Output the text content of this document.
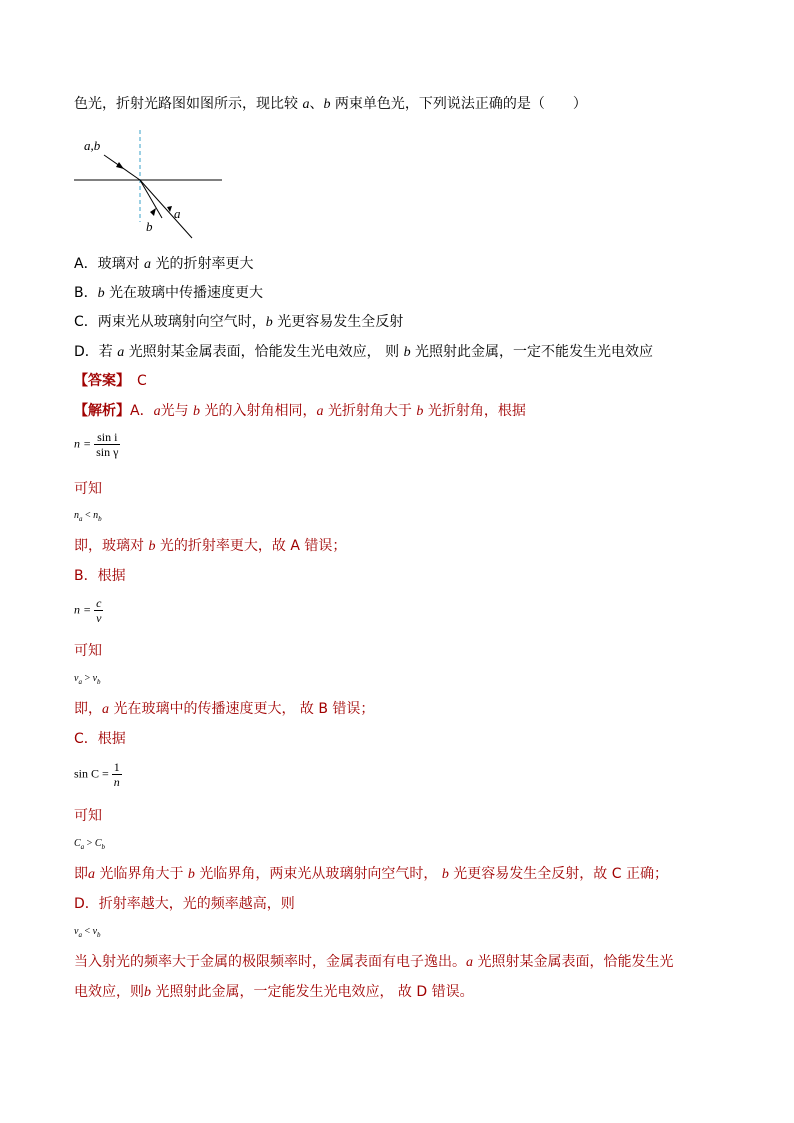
色光，折射光路图如图所示，现比较 a、b 两束单色光，下列说法正确的是（　　）
a,b
b
a
A．玻璃对 a 光的折射率更大
B．b 光在玻璃中传播速度更大
C．两束光从玻璃射向空气时，b 光更容易发生全反射
D．若 a 光照射某金属表面，恰能发生光电效应， 则 b 光照射此金属，一定不能发生光电效应
【答案】　 C
【解析】A．a光与 b 光的入射角相同，a 光折射角大于 b 光折射角，根据
$n = \frac{\text{sin i}}{\text{sin γ}}$
可知
$n_a < n_b$
即，玻璃对 b 光的折射率更大，故 A 错误；
B．根据
$n = \frac{c}{v}$
可知
$v_a > v_b$
即，a 光在玻璃中的传播速度更大， 故 B 错误；
C．根据
$\sin C = \frac{1}{n}$
可知
$C_a > C_b$
即a 光临界角大于 b 光临界角，两束光从玻璃射向空气时， b 光更容易发生全反射，故 C 正确；
D．折射率越大，光的频率越高，则
$\nu_a < \nu_b$
当入射光的频率大于金属的极限频率时，金属表面有电子逸出。a 光照射某金属表面，恰能发生光
电效应，则b 光照射此金属，一定能发生光电效应， 故 D 错误。
